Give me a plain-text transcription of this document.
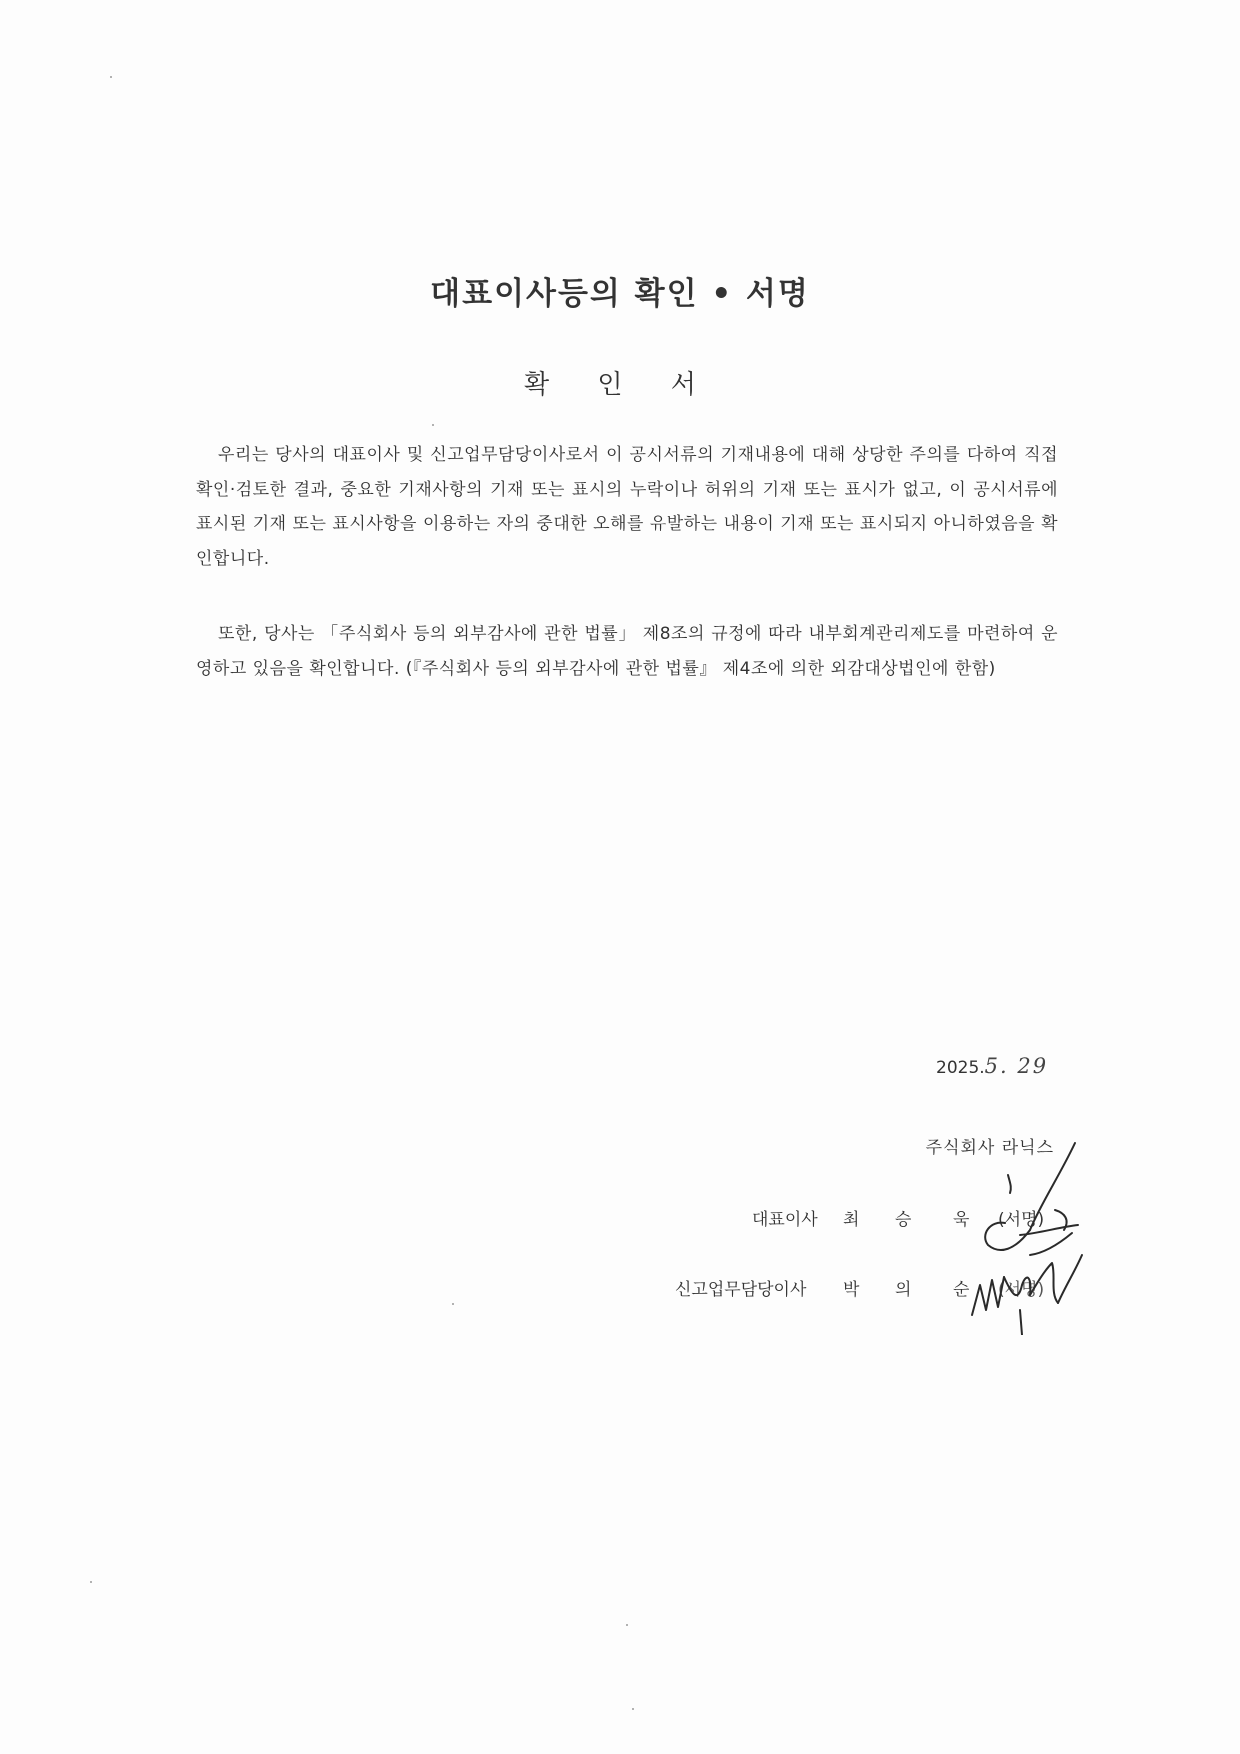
대표이사등의 확인 • 서명
확 인 서
우리는 당사의 대표이사 및 신고업무담당이사로서 이 공시서류의 기재내용에 대해 상당한 주의를 다하여 직접 확인·검토한 결과, 중요한 기재사항의 기재 또는 표시의 누락이나 허위의 기재 또는 표시가 없고, 이 공시서류에 표시된 기재 또는 표시사항을 이용하는 자의 중대한 오해를 유발하는 내용이 기재 또는 표시되지 아니하였음을 확인합니다.
또한, 당사는 「주식회사 등의 외부감사에 관한 법률」 제8조의 규정에 따라 내부회계관리제도를 마련하여 운영하고 있음을 확인합니다. (『주식회사 등의 외부감사에 관한 법률』 제4조에 의한 외감대상법인에 한함)
2025.5. 29
주식회사 라닉스
대표이사 최 승 욱 (서명)
신고업무담당이사 박 의 순 (서명)
